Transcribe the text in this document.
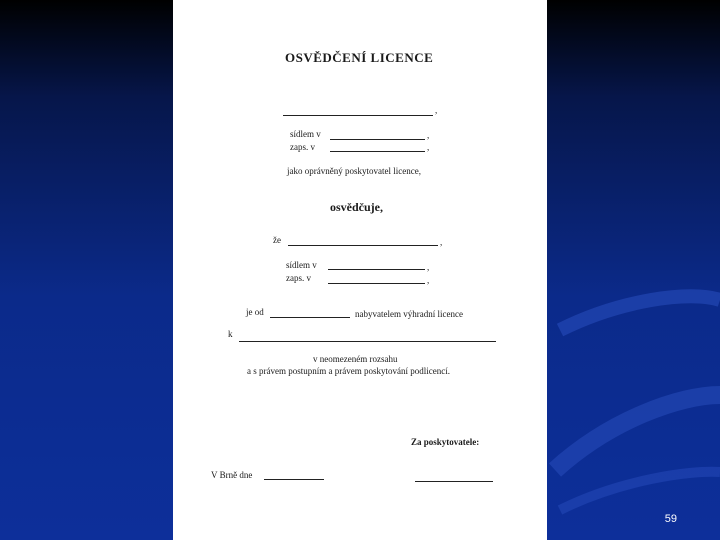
OSVĚDČENÍ LICENCE
,
sídlem v	,
zaps. v	,
jako oprávněný poskytovatel licence,
osvědčuje,
že	,
sídlem v	,
zaps. v	,
je od	nabyvatelem výhradní licence
k
v neomezeném rozsahu
a s právem postupním a právem poskytování podlicencí.
Za poskytovatele:
V Brně dne
59
